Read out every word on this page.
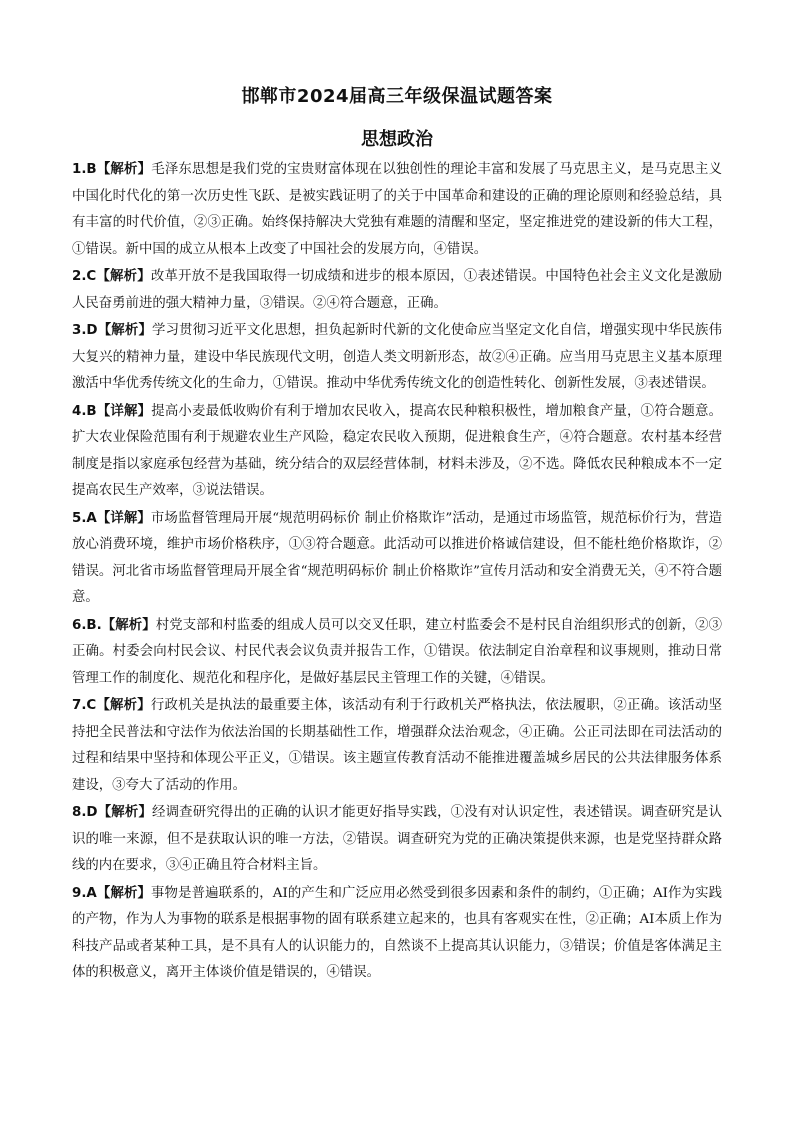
邯郸市2024届高三年级保温试题答案
思想政治

1.B【解析】毛泽东思想是我们党的宝贵财富体现在以独创性的理论丰富和发展了马克思主义，是马克思主义中国化时代化的第一次历史性飞跃、是被实践证明了的关于中国革命和建设的正确的理论原则和经验总结，具有丰富的时代价值，②③正确。始终保持解决大党独有难题的清醒和坚定，坚定推进党的建设新的伟大工程，①错误。新中国的成立从根本上改变了中国社会的发展方向，④错误。

2.C【解析】改革开放不是我国取得一切成绩和进步的根本原因，①表述错误。中国特色社会主义文化是激励人民奋勇前进的强大精神力量，③错误。②④符合题意，正确。

3.D【解析】学习贯彻习近平文化思想，担负起新时代新的文化使命应当坚定文化自信，增强实现中华民族伟大复兴的精神力量，建设中华民族现代文明，创造人类文明新形态，故②④正确。应当用马克思主义基本原理激活中华优秀传统文化的生命力，①错误。推动中华优秀传统文化的创造性转化、创新性发展，③表述错误。

4.B【详解】提高小麦最低收购价有利于增加农民收入，提高农民种粮积极性，增加粮食产量，①符合题意。扩大农业保险范围有利于规避农业生产风险，稳定农民收入预期，促进粮食生产，④符合题意。农村基本经营制度是指以家庭承包经营为基础，统分结合的双层经营体制，材料未涉及，②不选。降低农民种粮成本不一定提高农民生产效率，③说法错误。

5.A【详解】市场监督管理局开展“规范明码标价 制止价格欺诈”活动，是通过市场监管，规范标价行为，营造放心消费环境，维护市场价格秩序，①③符合题意。此活动可以推进价格诚信建设，但不能杜绝价格欺诈，②错误。河北省市场监督管理局开展全省“规范明码标价 制止价格欺诈”宣传月活动和安全消费无关，④不符合题意。

6.B.【解析】村党支部和村监委的组成人员可以交叉任职，建立村监委会不是村民自治组织形式的创新，②③正确。村委会向村民会议、村民代表会议负责并报告工作，①错误。依法制定自治章程和议事规则，推动日常管理工作的制度化、规范化和程序化，是做好基层民主管理工作的关键，④错误。

7.C【解析】行政机关是执法的最重要主体，该活动有利于行政机关严格执法，依法履职，②正确。该活动坚持把全民普法和守法作为依法治国的长期基础性工作，增强群众法治观念，④正确。公正司法即在司法活动的过程和结果中坚持和体现公平正义，①错误。该主题宣传教育活动不能推进覆盖城乡居民的公共法律服务体系建设，③夸大了活动的作用。

8.D【解析】经调查研究得出的正确的认识才能更好指导实践，①没有对认识定性，表述错误。调查研究是认识的唯一来源，但不是获取认识的唯一方法，②错误。调查研究为党的正确决策提供来源，也是党坚持群众路线的内在要求，③④正确且符合材料主旨。

9.A【解析】事物是普遍联系的，AI的产生和广泛应用必然受到很多因素和条件的制约，①正确；AI作为实践的产物，作为人为事物的联系是根据事物的固有联系建立起来的，也具有客观实在性，②正确；AI本质上作为科技产品或者某种工具，是不具有人的认识能力的，自然谈不上提高其认识能力，③错误；价值是客体满足主体的积极意义，离开主体谈价值是错误的，④错误。
